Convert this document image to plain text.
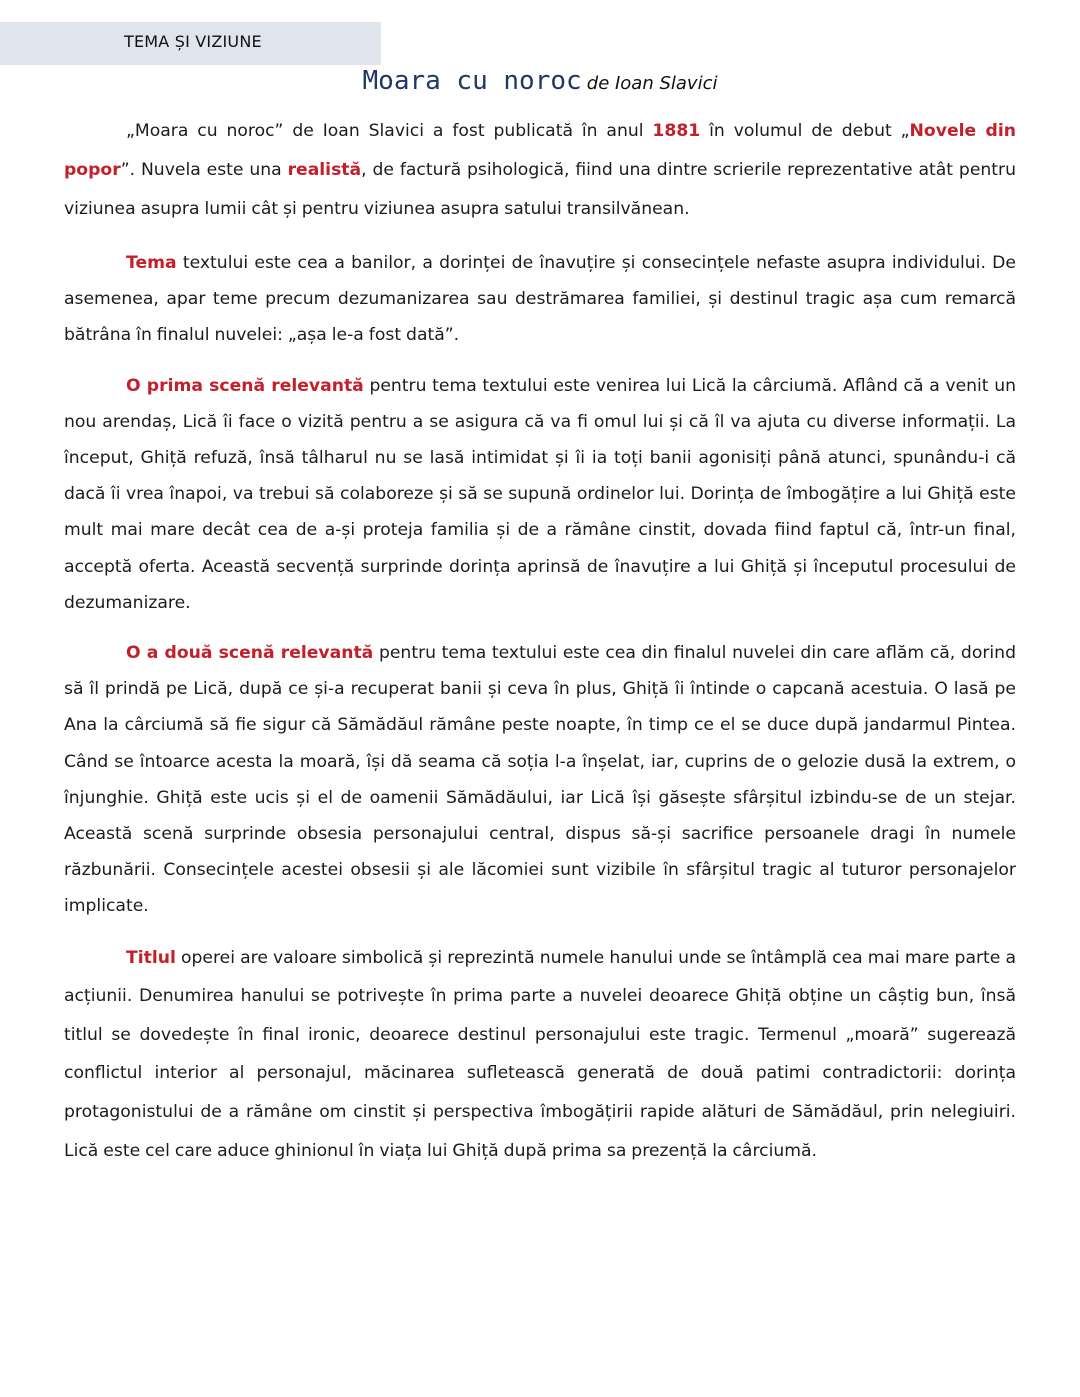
TEMA ȘI VIZIUNE
Moara cu noroc de Ioan Slavici

„Moara cu noroc” de Ioan Slavici a fost publicată în anul 1881 în volumul de debut „Novele din popor”. Nuvela este una realistă, de factură psihologică, fiind una dintre scrierile reprezentative atât pentru viziunea asupra lumii cât și pentru viziunea asupra satului transilvănean.

Tema textului este cea a banilor, a dorinței de înavuțire și consecințele nefaste asupra individului. De asemenea, apar teme precum dezumanizarea sau destrămarea familiei, și destinul tragic așa cum remarcă bătrâna în finalul nuvelei: „așa le-a fost dată”.

O prima scenă relevantă pentru tema textului este venirea lui Lică la cârciumă. Aflând că a venit un nou arendaș, Lică îi face o vizită pentru a se asigura că va fi omul lui și că îl va ajuta cu diverse informații. La început, Ghiță refuză, însă tâlharul nu se lasă intimidat și îi ia toți banii agonisiți până atunci, spunându-i că dacă îi vrea înapoi, va trebui să colaboreze și să se supună ordinelor lui. Dorința de îmbogățire a lui Ghiță este mult mai mare decât cea de a-și proteja familia și de a rămâne cinstit, dovada fiind faptul că, într-un final, acceptă oferta. Această secvență surprinde dorința aprinsă de înavuțire a lui Ghiță și începutul procesului de dezumanizare.

O a două scenă relevantă pentru tema textului este cea din finalul nuvelei din care aflăm că, dorind să îl prindă pe Lică, după ce și-a recuperat banii și ceva în plus, Ghiță îi întinde o capcană acestuia. O lasă pe Ana la cârciumă să fie sigur că Sămădăul rămâne peste noapte, în timp ce el se duce după jandarmul Pintea. Când se întoarce acesta la moară, își dă seama că soția l-a înșelat, iar, cuprins de o gelozie dusă la extrem, o înjunghie. Ghiță este ucis și el de oamenii Sămădăului, iar Lică își găsește sfârșitul izbindu-se de un stejar. Această scenă surprinde obsesia personajului central, dispus să-și sacrifice persoanele dragi în numele răzbunării. Consecințele acestei obsesii și ale lăcomiei sunt vizibile în sfârșitul tragic al tuturor personajelor implicate.

Titlul operei are valoare simbolică și reprezintă numele hanului unde se întâmplă cea mai mare parte a acțiunii. Denumirea hanului se potrivește în prima parte a nuvelei deoarece Ghiță obține un câștig bun, însă titlul se dovedește în final ironic, deoarece destinul personajului este tragic. Termenul „moară” sugerează conflictul interior al personajul, măcinarea sufletească generată de două patimi contradictorii: dorința protagonistului de a rămâne om cinstit și perspectiva îmbogățirii rapide alături de Sămădăul, prin nelegiuiri. Lică este cel care aduce ghinionul în viața lui Ghiță după prima sa prezență la cârciumă.
